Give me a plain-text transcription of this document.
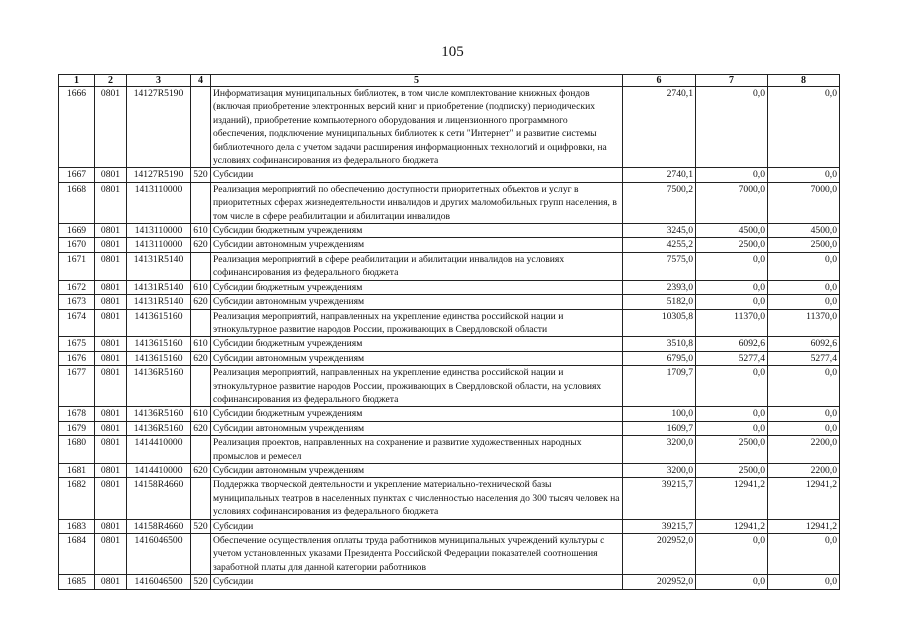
105
1	2	3	4	5	6	7	8
1666	0801	14127R5190		Информатизация муниципальных библиотек, в том числе комплектование книжных фондов (включая приобретение электронных версий книг и приобретение (подписку) периодических изданий), приобретение компьютерного оборудования и лицензионного программного обеспечения, подключение муниципальных библиотек к сети "Интернет" и развитие системы библиотечного дела с учетом задачи расширения информационных технологий и оцифровки, на условиях софинансирования из федерального бюджета	2740,1	0,0	0,0
1667	0801	14127R5190	520	Субсидии	2740,1	0,0	0,0
1668	0801	1413110000		Реализация мероприятий по обеспечению доступности приоритетных объектов и услуг в приоритетных сферах жизнедеятельности инвалидов и других маломобильных групп населения, в том числе в сфере реабилитации и абилитации инвалидов	7500,2	7000,0	7000,0
1669	0801	1413110000	610	Субсидии бюджетным учреждениям	3245,0	4500,0	4500,0
1670	0801	1413110000	620	Субсидии автономным учреждениям	4255,2	2500,0	2500,0
1671	0801	14131R5140		Реализация мероприятий в сфере реабилитации и абилитации инвалидов на условиях софинансирования из федерального бюджета	7575,0	0,0	0,0
1672	0801	14131R5140	610	Субсидии бюджетным учреждениям	2393,0	0,0	0,0
1673	0801	14131R5140	620	Субсидии автономным учреждениям	5182,0	0,0	0,0
1674	0801	1413615160		Реализация мероприятий, направленных на укрепление единства российской нации и этнокультурное развитие народов России, проживающих в Свердловской области	10305,8	11370,0	11370,0
1675	0801	1413615160	610	Субсидии бюджетным учреждениям	3510,8	6092,6	6092,6
1676	0801	1413615160	620	Субсидии автономным учреждениям	6795,0	5277,4	5277,4
1677	0801	14136R5160		Реализация мероприятий, направленных на укрепление единства российской нации и этнокультурное развитие народов России, проживающих в Свердловской области, на условиях софинансирования из федерального бюджета	1709,7	0,0	0,0
1678	0801	14136R5160	610	Субсидии бюджетным учреждениям	100,0	0,0	0,0
1679	0801	14136R5160	620	Субсидии автономным учреждениям	1609,7	0,0	0,0
1680	0801	1414410000		Реализация проектов, направленных на сохранение и развитие художественных народных промыслов и ремесел	3200,0	2500,0	2200,0
1681	0801	1414410000	620	Субсидии автономным учреждениям	3200,0	2500,0	2200,0
1682	0801	14158R4660		Поддержка творческой деятельности и укрепление материально-технической базы муниципальных театров в населенных пунктах с численностью населения до 300 тысяч человек на условиях софинансирования из федерального бюджета	39215,7	12941,2	12941,2
1683	0801	14158R4660	520	Субсидии	39215,7	12941,2	12941,2
1684	0801	1416046500		Обеспечение осуществления оплаты труда работников муниципальных учреждений культуры с учетом установленных указами Президента Российской Федерации показателей соотношения заработной платы для данной категории работников	202952,0	0,0	0,0
1685	0801	1416046500	520	Субсидии	202952,0	0,0	0,0
